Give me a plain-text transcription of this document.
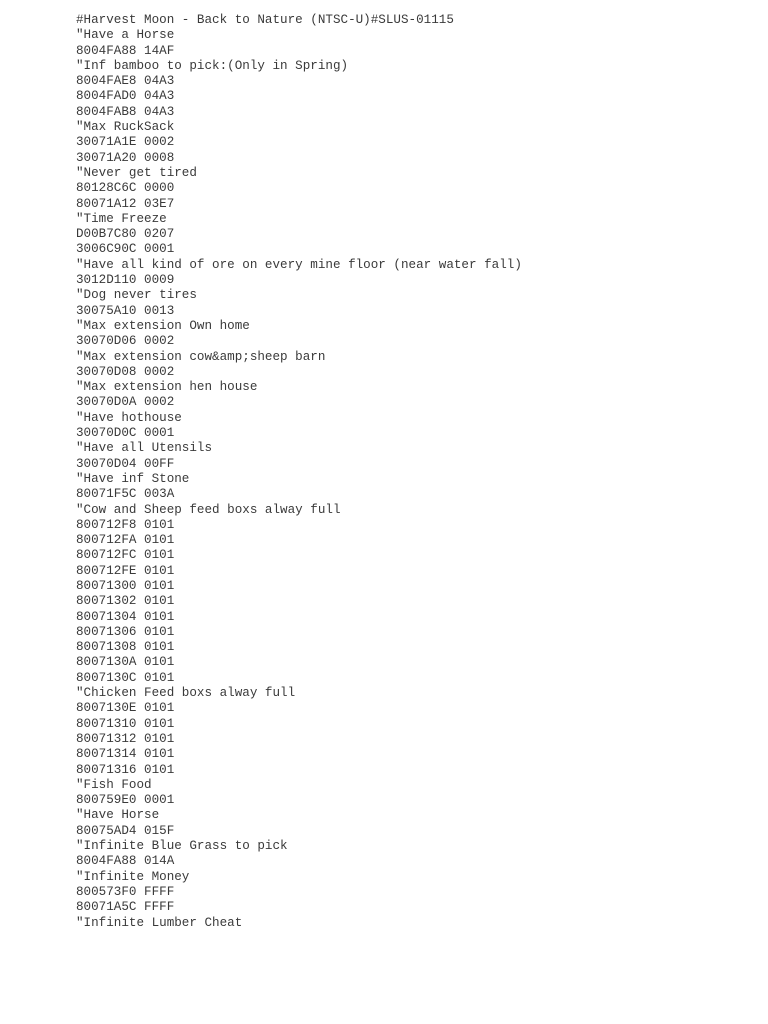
#Harvest Moon - Back to Nature (NTSC-U)#SLUS-01115
"Have a Horse
8004FA88 14AF
"Inf bamboo to pick:(Only in Spring)
8004FAE8 04A3
8004FAD0 04A3
8004FAB8 04A3
"Max RuckSack
30071A1E 0002
30071A20 0008
"Never get tired
80128C6C 0000
80071A12 03E7
"Time Freeze
D00B7C80 0207
3006C90C 0001
"Have all kind of ore on every mine floor (near water fall)
3012D110 0009
"Dog never tires
30075A10 0013
"Max extension Own home
30070D06 0002
"Max extension cow&amp;sheep barn
30070D08 0002
"Max extension hen house
30070D0A 0002
"Have hothouse
30070D0C 0001
"Have all Utensils
30070D04 00FF
"Have inf Stone
80071F5C 003A
"Cow and Sheep feed boxs alway full
800712F8 0101
800712FA 0101
800712FC 0101
800712FE 0101
80071300 0101
80071302 0101
80071304 0101
80071306 0101
80071308 0101
8007130A 0101
8007130C 0101
"Chicken Feed boxs alway full
8007130E 0101
80071310 0101
80071312 0101
80071314 0101
80071316 0101
"Fish Food
800759E0 0001
"Have Horse
80075AD4 015F
"Infinite Blue Grass to pick
8004FA88 014A
"Infinite Money
800573F0 FFFF
80071A5C FFFF
"Infinite Lumber Cheat
